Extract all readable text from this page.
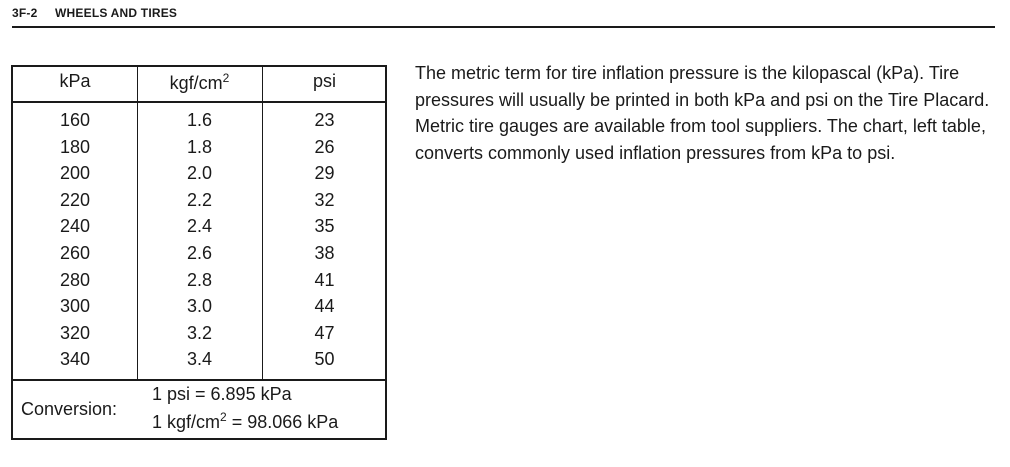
3F-2 WHEELS AND TIRES
kPa	kgf/$cm^2$	psi
160	1.6	23
180	1.8	26
200	2.0	29
220	2.2	32
240	2.4	35
260	2.6	38
280	2.8	41
300	3.0	44
320	3.2	47
340	3.4	50
Conversion:
1 psi = 6.895 kPa
1 kgf/$cm^2 = 98.066$ kPa
The metric term for tire inflation pressure is the kilopascal (kPa). Tire pressures will usually be printed in both kPa and psi on the Tire Placard. Metric tire gauges are available from tool suppliers. The chart, left table, converts commonly used inflation pressures from kPa to psi.
